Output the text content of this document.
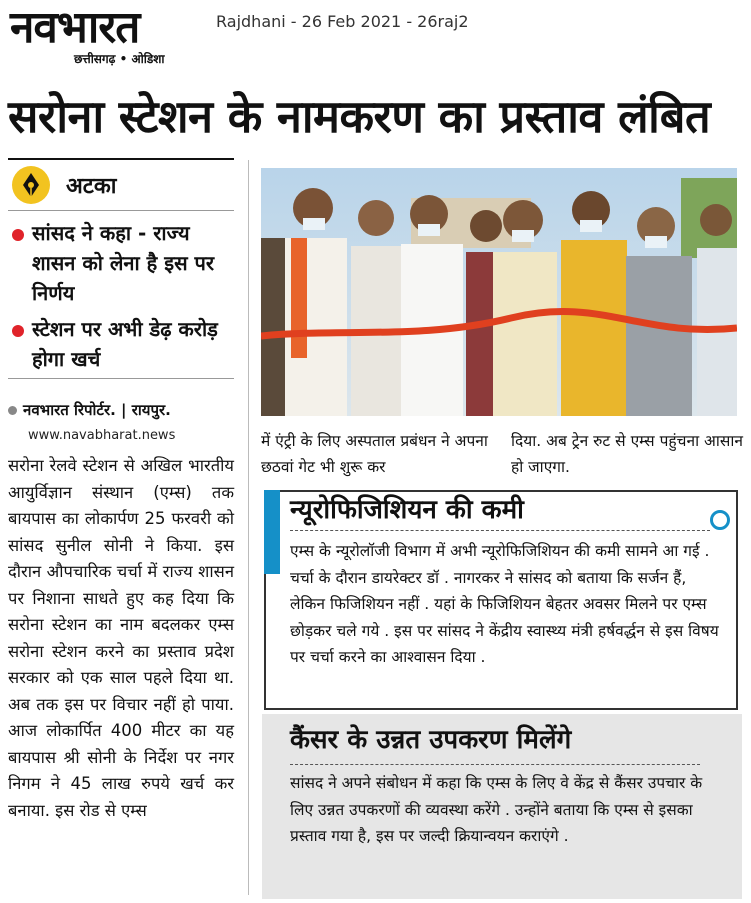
नवभारत
छत्तीसगढ़ • ओडिशा
Rajdhani - 26 Feb 2021 - 26raj2
सरोना स्टेशन के नामकरण का प्रस्ताव लंबित
अटका
सांसद ने कहा - राज्य शासन को लेना है इस पर निर्णय
स्टेशन पर अभी डेढ़ करोड़ होगा खर्च
नवभारत रिपोर्टर. | रायपुर.
www.navabharat.news
सरोना रेलवे स्टेशन से अखिल भारतीय आयुर्विज्ञान संस्थान (एम्स) तक बायपास का लोकार्पण 25 फरवरी को सांसद सुनील सोनी ने किया. इस दौरान औपचारिक चर्चा में राज्य शासन पर निशाना साधते हुए कह दिया कि सरोना स्टेशन का नाम बदलकर एम्स सरोना स्टेशन करने का प्रस्ताव प्रदेश सरकार को एक साल पहले दिया था. अब तक इस पर विचार नहीं हो पाया. आज लोकार्पित 400 मीटर का यह बायपास श्री सोनी के निर्देश पर नगर निगम ने 45 लाख रुपये खर्च कर बनाया. इस रोड से एम्स
में एंट्री के लिए अस्पताल प्रबंधन ने अपना छठवां गेट भी शुरू कर
दिया. अब ट्रेन रुट से एम्स पहुंचना आसान हो जाएगा.
न्यूरोफिजिशियन की कमी
एम्स के न्यूरोलॉजी विभाग में अभी न्यूरोफिजिशियन की कमी सामने आ गई . चर्चा के दौरान डायरेक्टर डॉ . नागरकर ने सांसद को बताया कि सर्जन हैं, लेकिन फिजिशियन नहीं . यहां के फिजिशियन बेहतर अवसर मिलने पर एम्स छोड़कर चले गये . इस पर सांसद ने केंद्रीय स्वास्थ्य मंत्री हर्षवर्द्धन से इस विषय पर चर्चा करने का आश्वासन दिया .
कैंसर के उन्नत उपकरण मिलेंगे
सांसद ने अपने संबोधन में कहा कि एम्स के लिए वे केंद्र से कैंसर उपचार के लिए उन्नत उपकरणों की व्यवस्था करेंगे . उन्होंने बताया कि एम्स से इसका प्रस्ताव गया है, इस पर जल्दी क्रियान्वयन कराएंगे .
